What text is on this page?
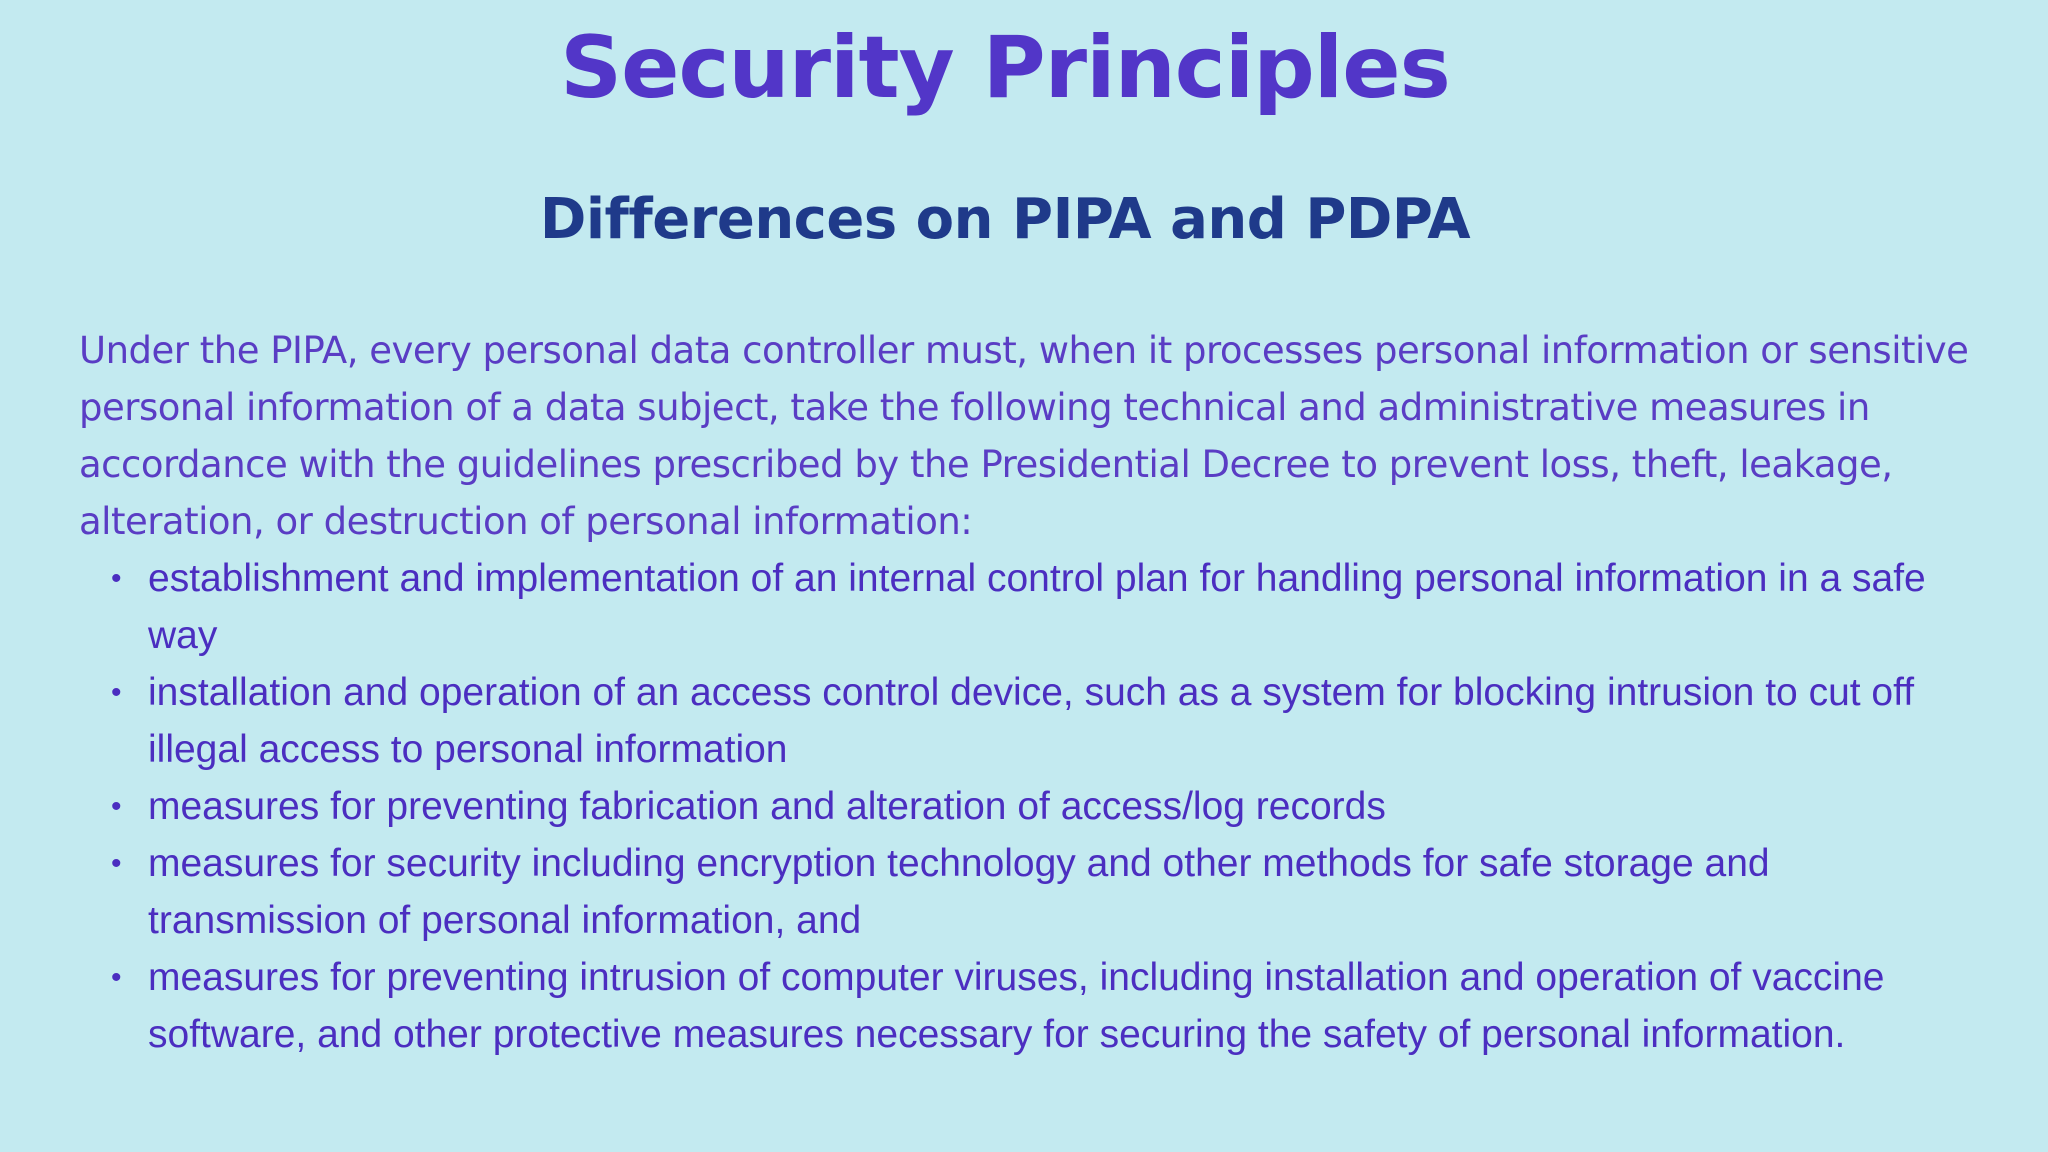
Security Principles
Differences on PIPA and PDPA

Under the PIPA, every personal data controller must, when it processes personal information or sensitive personal information of a data subject, take the following technical and administrative measures in accordance with the guidelines prescribed by the Presidential Decree to prevent loss, theft, leakage, alteration, or destruction of personal information:

• establishment and implementation of an internal control plan for handling personal information in a safe way
• installation and operation of an access control device, such as a system for blocking intrusion to cut off illegal access to personal information
• measures for preventing fabrication and alteration of access/log records
• measures for security including encryption technology and other methods for safe storage and transmission of personal information, and
• measures for preventing intrusion of computer viruses, including installation and operation of vaccine software, and other protective measures necessary for securing the safety of personal information.
